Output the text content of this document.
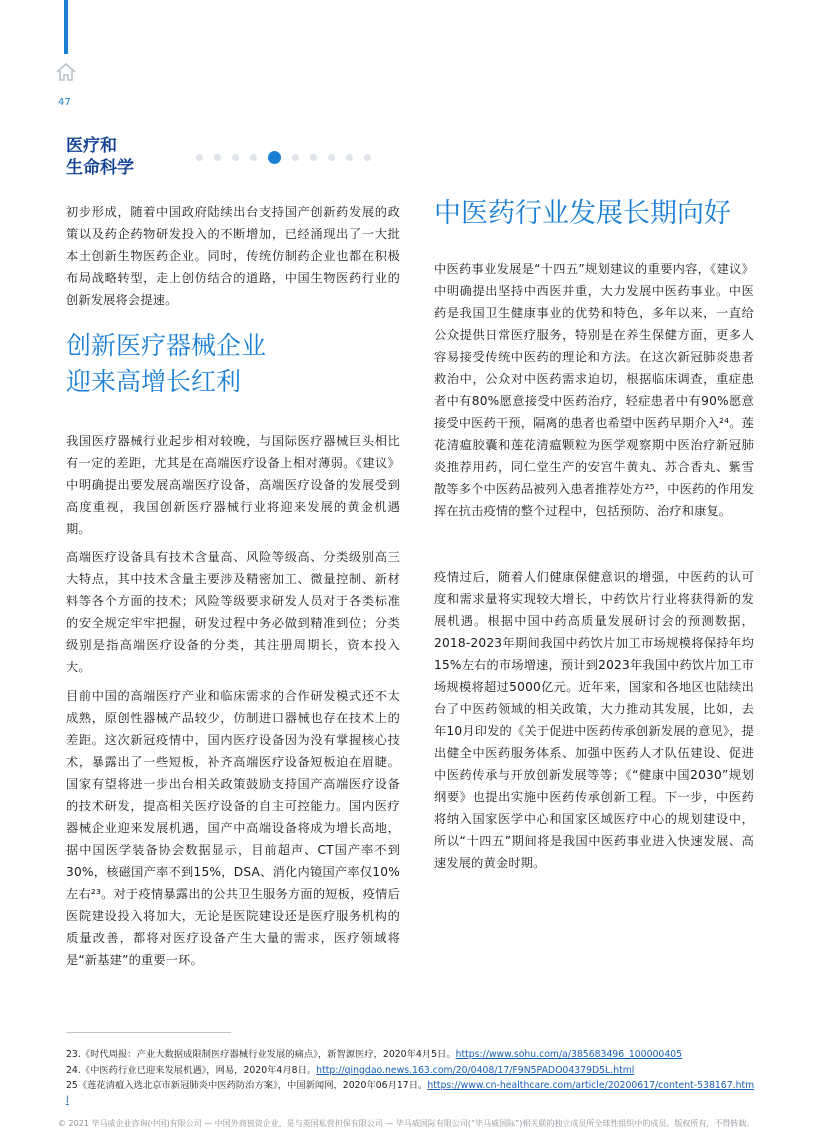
47
医疗和
生命科学

初步形成，随着中国政府陆续出台支持国产创新药发展的政策以及药企药物研发投入的不断增加，已经涌现出了一大批本土创新生物医药企业。同时，传统仿制药企业也都在积极布局战略转型，走上创仿结合的道路，中国生物医药行业的创新发展将会提速。

创新医疗器械企业
迎来高增长红利

我国医疗器械行业起步相对较晚，与国际医疗器械巨头相比有一定的差距，尤其是在高端医疗设备上相对薄弱。《建议》中明确提出要发展高端医疗设备，高端医疗设备的发展受到高度重视，我国创新医疗器械行业将迎来发展的黄金机遇期。

高端医疗设备具有技术含量高、风险等级高、分类级别高三大特点，其中技术含量主要涉及精密加工、微量控制、新材料等各个方面的技术；风险等级要求研发人员对于各类标准的安全规定牢牢把握，研发过程中务必做到精准到位；分类级别是指高端医疗设备的分类，其注册周期长，资本投入大。

目前中国的高端医疗产业和临床需求的合作研发模式还不太成熟，原创性器械产品较少，仿制进口器械也存在技术上的差距。这次新冠疫情中，国内医疗设备因为没有掌握核心技术，暴露出了一些短板，补齐高端医疗设备短板迫在眉睫。国家有望将进一步出台相关政策鼓励支持国产高端医疗设备的技术研发，提高相关医疗设备的自主可控能力。国内医疗器械企业迎来发展机遇，国产中高端设备将成为增长高地，据中国医学装备协会数据显示，目前超声、CT国产率不到30%，核磁国产率不到15%，DSA、消化内镜国产率仅10%左右²³。对于疫情暴露出的公共卫生服务方面的短板，疫情后医院建设投入将加大，无论是医院建设还是医疗服务机构的质量改善，都将对医疗设备产生大量的需求，医疗领域将是“新基建”的重要一环。

中医药行业发展长期向好

中医药事业发展是“十四五”规划建议的重要内容，《建议》中明确提出坚持中西医并重，大力发展中医药事业。中医药是我国卫生健康事业的优势和特色，多年以来，一直给公众提供日常医疗服务，特别是在养生保健方面，更多人容易接受传统中医药的理论和方法。在这次新冠肺炎患者救治中，公众对中医药需求迫切，根据临床调查，重症患者中有80%愿意接受中医药治疗，轻症患者中有90%愿意接受中医药干预，隔离的患者也希望中医药早期介入²⁴。莲花清瘟胶囊和莲花清瘟颗粒为医学观察期中医治疗新冠肺炎推荐用药，同仁堂生产的安宫牛黄丸、苏合香丸、紫雪散等多个中医药品被列入患者推荐处方²⁵，中医药的作用发挥在抗击疫情的整个过程中，包括预防、治疗和康复。

疫情过后，随着人们健康保健意识的增强，中医药的认可度和需求量将实现较大增长，中药饮片行业将获得新的发展机遇。根据中国中药高质量发展研讨会的预测数据，2018-2023年期间我国中药饮片加工市场规模将保持年均15%左右的市场增速，预计到2023年我国中药饮片加工市场规模将超过5000亿元。近年来，国家和各地区也陆续出台了中医药领域的相关政策，大力推动其发展，比如，去年10月印发的《关于促进中医药传承创新发展的意见》，提出健全中医药服务体系、加强中医药人才队伍建设、促进中医药传承与开放创新发展等等；《“健康中国2030”规划纲要》也提出实施中医药传承创新工程。下一步，中医药将纳入国家医学中心和国家区域医疗中心的规划建设中，所以“十四五”期间将是我国中医药事业进入快速发展、高速发展的黄金时期。

23.《时代周报：产业大数据成限制医疗器械行业发展的痛点》，新智源医疗，2020年4月5日。https://www.sohu.com/a/385683496_100000405
24.《中医药行业已迎来发展机遇》，网易，2020年4月8日。http://qingdao.news.163.com/20/0408/17/F9N5PADO04379D5L.html
25《莲花清瘟入选北京市新冠肺炎中医药防治方案》，中国新闻网，2020年06月17日。https://www.cn-healthcare.com/article/20200617/content-538167.html
© 2021 毕马威企业咨询(中国)有限公司 — 中国外商独资企业，是与英国私营担保有限公司 — 毕马威国际有限公司(“毕马威国际”)相关联的独立成员所全球性组织中的成员。版权所有，不得转载。
